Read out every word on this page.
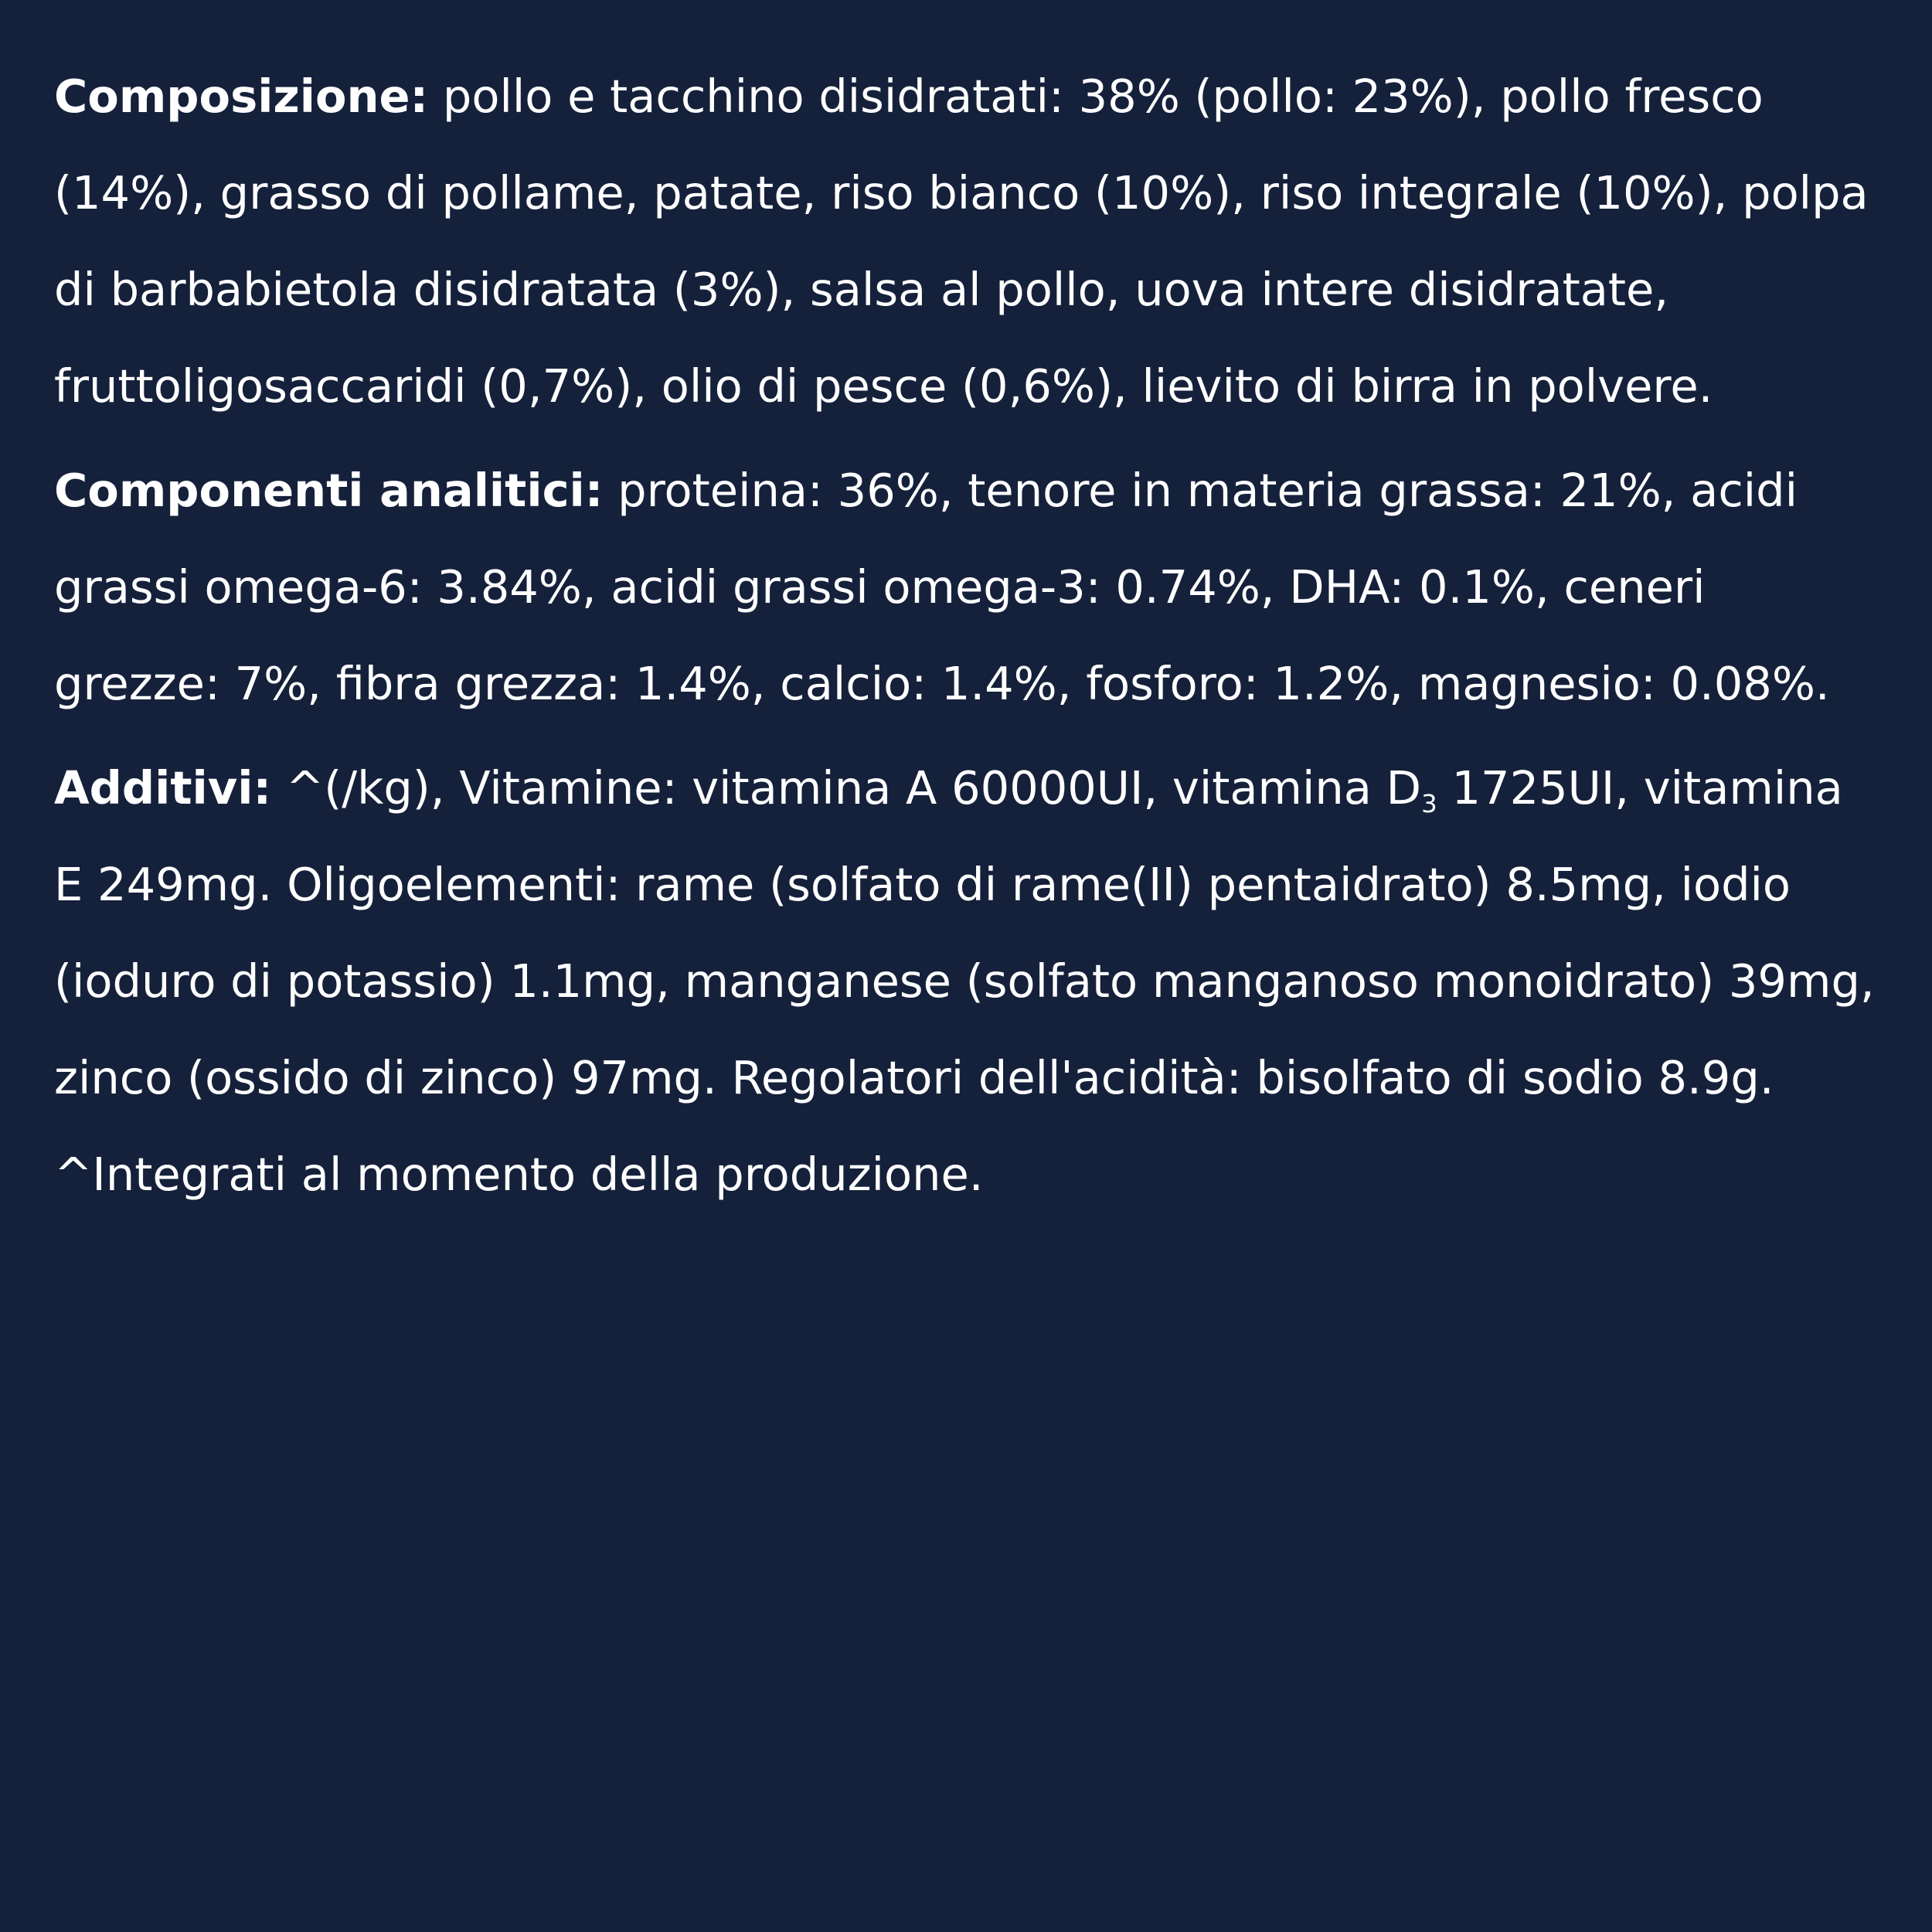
Composizione: pollo e tacchino disidratati: 38% (pollo: 23%), pollo fresco (14%), grasso di pollame, patate, riso bianco (10%), riso integrale (10%), polpa di barbabietola disidratata (3%), salsa al pollo, uova intere disidratate, fruttoligosaccaridi (0,7%), olio di pesce (0,6%), lievito di birra in polvere.

Componenti analitici: proteina: 36%, tenore in materia grassa: 21%, acidi grassi omega-6: 3.84%, acidi grassi omega-3: 0.74%, DHA: 0.1%, ceneri grezze: 7%, fibra grezza: 1.4%, calcio: 1.4%, fosforo: 1.2%, magnesio: 0.08%.

Additivi: ^(/kg), Vitamine: vitamina A 60000UI, vitamina D3 1725UI, vitamina E 249mg. Oligoelementi: rame (solfato di rame(II) pentaidrato) 8.5mg, iodio (ioduro di potassio) 1.1mg, manganese (solfato manganoso monoidrato) 39mg, zinco (ossido di zinco) 97mg. Regolatori dell'acidità: bisolfato di sodio 8.9g. ^Integrati al momento della produzione.
